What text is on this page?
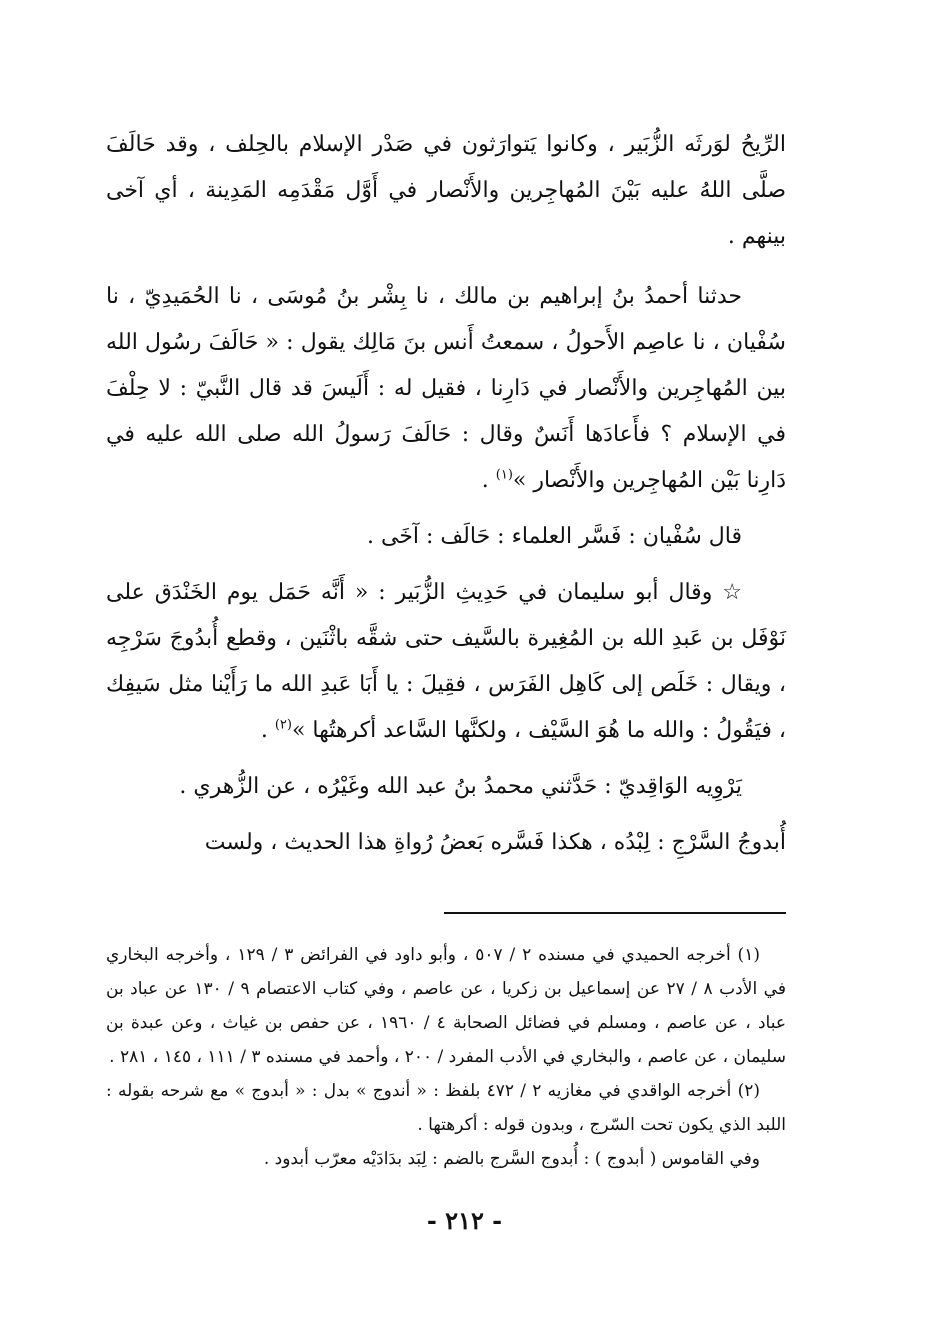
الرِّيحُ لوَرثَه الزُّبَير ، وكانوا يَتوارَثون في صَدْر الإسلام بالحِلف ، وقد حَالَفَ صلَّى اللهُ عليه بَيْنَ المُهاجِرين والأَنْصار في أَوَّل مَقْدَمِه المَدِينة ، أي آخى بينهم .

حدثنا أحمدُ بنُ إبراهيم بن مالك ، نا بِشْر بنُ مُوسَى ، نا الحُمَيدِيّ ، نا سُفْيان ، نا عاصِم الأَحولُ ، سمعتُ أَنس بنَ مَالِك يقول : « حَالَفَ رسُول الله بين المُهاجِرين والأَنْصار في دَارِنا ، فقيل له : أَلَيسَ قد قال النَّبيّ : لا حِلْفَ في الإسلام ؟ فأَعادَها أَنَسٌ وقال : حَالَفَ رَسولُ الله صلى الله عليه في دَارِنا بَيْن المُهاجِرين والأَنْصار »$^{(١)}$ .

قال سُفْيان : فَسَّر العلماء : حَالَف : آخَى .

☆ وقال أبو سليمان في حَدِيثِ الزُّبَير : « أَنَّه حَمَل يوم الخَنْدَق على نَوْفَل بن عَبدِ الله بن المُغِيرة بالسَّيف حتى شقَّه باثْنَين ، وقطع أُبدُوجَ سَرْجِه ، ويقال : خَلَص إلى كَاهِل الفَرَس ، فقِيلَ : يا أَبَا عَبدِ الله ما رَأَيْنا مثل سَيفِك ، فيَقُولُ : والله ما هُوَ السَّيْف ، ولكنَّها السَّاعد أكرهتُها »$^{(٢)}$ .

يَرْوِيه الوَاقِديّ : حَدَّثني محمدُ بنُ عبد الله وغَيْرُه ، عن الزُّهري .

أُبدوجُ السَّرْجِ : لِبْدُه ، هكذا فَسَّره بَعضُ رُواةِ هذا الحديث ، ولست

(١) أخرجه الحميدي في مسنده ٢ / ٥٠٧ ، وأبو داود في الفرائض ٣ / ١٢٩ ، وأخرجه البخاري في الأدب ٨ / ٢٧ عن إسماعيل بن زكريا ، عن عاصم ، وفي كتاب الاعتصام ٩ / ١٣٠ عن عباد بن عباد ، عن عاصم ، ومسلم في فضائل الصحابة ٤ / ١٩٦٠ ، عن حفص بن غياث ، وعن عبدة بن سليمان ، عن عاصم ، والبخاري في الأدب المفرد / ٢٠٠ ، وأحمد في مسنده ٣ / ١١١ ، ١٤٥ ، ٢٨١ .

(٢) أخرجه الواقدي في مغازيه ٢ / ٤٧٢ بلفظ : « أندوج » بدل : « أبدوج » مع شرحه بقوله : اللبد الذي يكون تحت السّرج ، وبدون قوله : أكرهتها .

وفي القاموس ( أبدوج ) : أُبدوج السَّرج بالضم : لِبَد بدَادَيْه معرّب أبدود .

- ٢١٢ -
